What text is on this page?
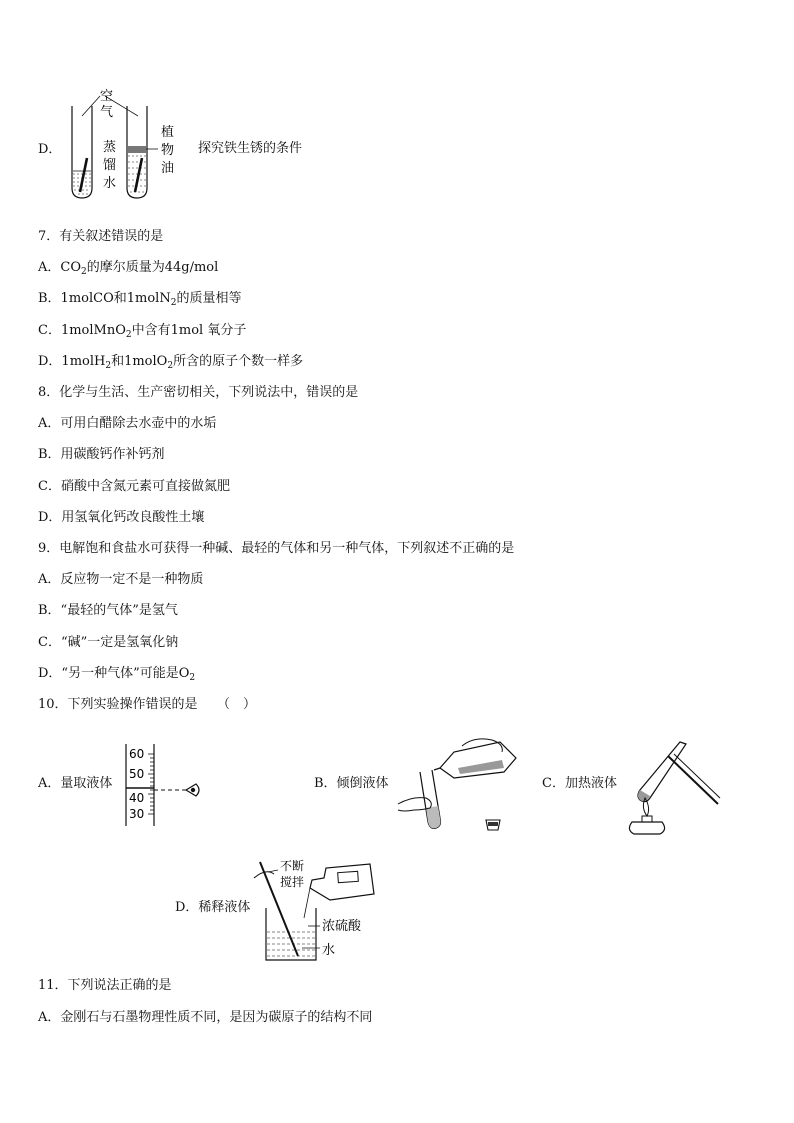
D．
空
气
蒸
馏
水
植
物
油
探究铁生锈的条件
7．有关叙述错误的是
A．$CO_2$的摩尔质量为44g/mol
B．1molCO和1molN$_2$的质量相等
C．1molMnO$_2$中含有1mol 氧分子
D．1molH$_2$和1molO$_2$所含的原子个数一样多
8．化学与生活、生产密切相关，下列说法中，错误的是
A．可用白醋除去水壶中的水垢
B．用碳酸钙作补钙剂
C．硝酸中含氮元素可直接做氮肥
D．用氢氧化钙改良酸性土壤
9．电解饱和食盐水可获得一种碱、最轻的气体和另一种气体，下列叙述不正确的是
A．反应物一定不是一种物质
B．“最轻的气体”是氢气
C．“碱”一定是氢氧化钠
D．“另一种气体”可能是$O_2$
10．下列实验操作错误的是　　（　）
A．量取液体
60
50
40
30
B．倾倒液体	C．加热液体
D．稀释液体
不断
搅拌
浓硫酸
水
11．下列说法正确的是
A．金刚石与石墨物理性质不同，是因为碳原子的结构不同
